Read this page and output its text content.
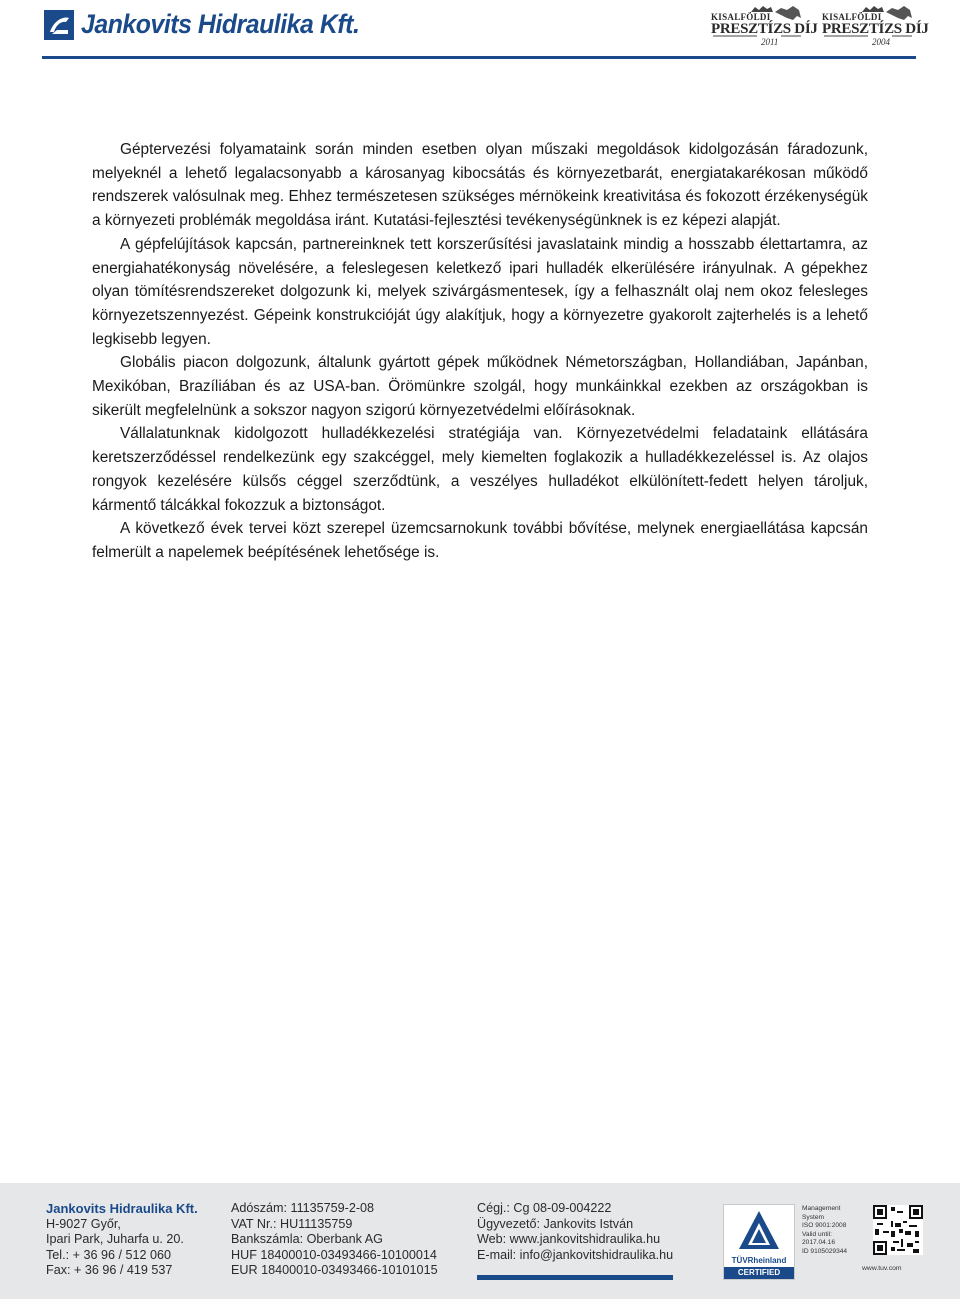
Jankovits Hidraulika Kft.	KISALFÖLDI
PRESZTÍZS DÍJ
2011
KISALFÖLDI
PRESZTÍZS DÍJ
2004

Géptervezési folyamataink során minden esetben olyan műszaki megoldások kidolgozásán fáradozunk, melyeknél a lehető legalacsonyabb a károsanyag kibocsátás és környezetbarát, energiatakarékosan működő rendszerek valósulnak meg. Ehhez természetesen szükséges mérnökeink kreativitása és fokozott érzékenységük a környezeti problémák megoldása iránt. Kutatási-fejlesztési tevékenységünknek is ez képezi alapját.

A gépfelújítások kapcsán, partnereinknek tett korszerűsítési javaslataink mindig a hosszabb élettartamra, az energiahatékonyság növelésére, a feleslegesen keletkező ipari hulladék elkerülésére irányulnak. A gépekhez olyan tömítésrendszereket dolgozunk ki, melyek szivárgásmentesek, így a felhasznált olaj nem okoz felesleges környezetszennyezést. Gépeink konstrukcióját úgy alakítjuk, hogy a környezetre gyakorolt zajterhelés is a lehető legkisebb legyen.

Globális piacon dolgozunk, általunk gyártott gépek működnek Németországban, Hollandiában, Japánban, Mexikóban, Brazíliában és az USA-ban. Örömünkre szolgál, hogy munkáinkkal ezekben az országokban is sikerült megfelelnünk a sokszor nagyon szigorú környezetvédelmi előírásoknak.

Vállalatunknak kidolgozott hulladékkezelési stratégiája van. Környezetvédelmi feladataink ellátására keretszerződéssel rendelkezünk egy szakcéggel, mely kiemelten foglakozik a hulladékkezeléssel is. Az olajos rongyok kezelésére külsős céggel szerződtünk, a veszélyes hulladékot elkülönített-fedett helyen tároljuk, kármentő tálcákkal fokozzuk a biztonságot.

A következő évek tervei közt szerepel üzemcsarnokunk további bővítése, melynek energiaellátása kapcsán felmerült a napelemek beépítésének lehetősége is.

Jankovits Hidraulika Kft.
H-9027 Győr,
Ipari Park, Juharfa u. 20.
Tel.: + 36 96 / 512 060
Fax: + 36 96 / 419 537
Adószám: 11135759-2-08
VAT Nr.: HU11135759
Bankszámla: Oberbank AG
HUF 18400010-03493466-10100014
EUR 18400010-03493466-10101015
Cégj.: Cg 08-09-004222
Ügyvezető: Jankovits István
Web: www.jankovitshidraulika.hu
E-mail: info@jankovitshidraulika.hu	TÜVRheinland
CERTIFIED
Management
System
ISO 9001:2008
Valid until:
2017.04.16
ID 9105029344
www.tuv.com
